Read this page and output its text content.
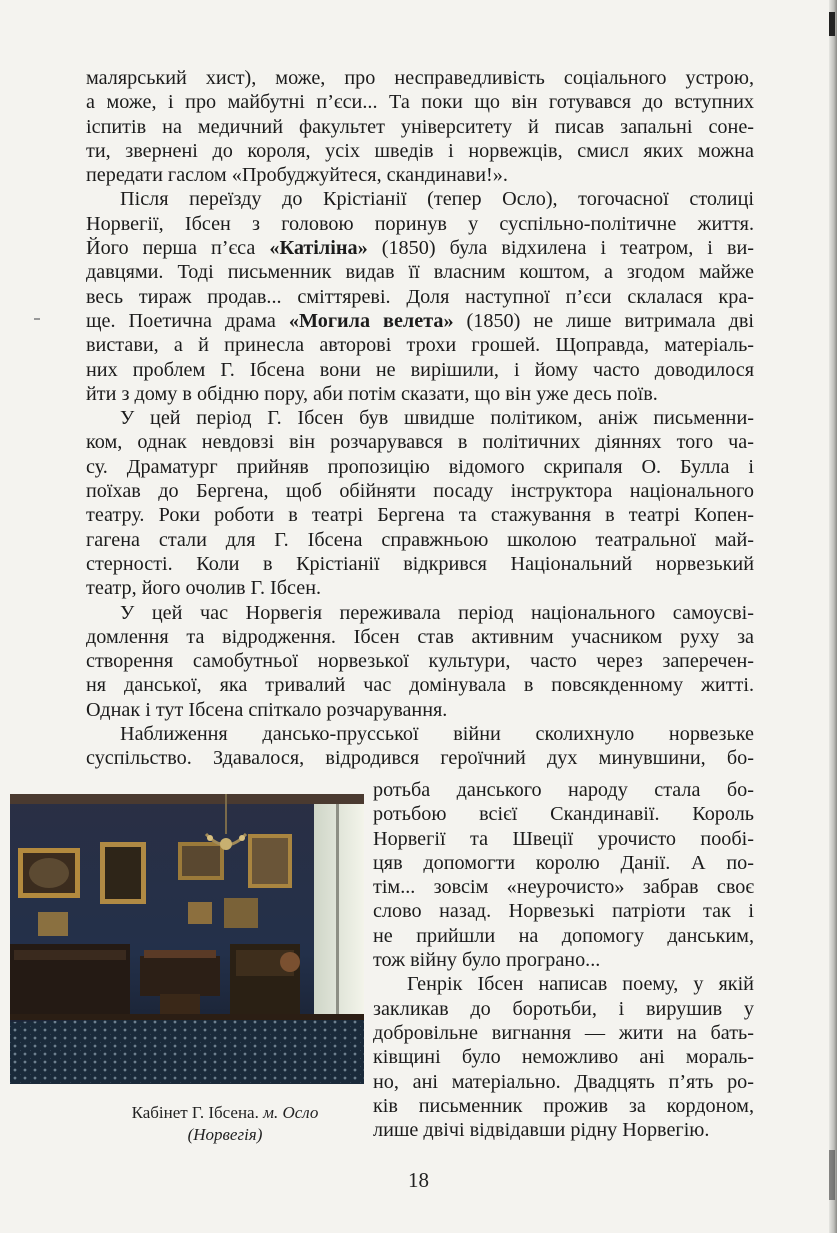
малярський хист), може, про несправедливість соціального устрою,
а може, і про майбутні п’єси... Та поки що він готувався до вступних
іспитів на медичний факультет університету й писав запальні соне-
ти, звернені до короля, усіх шведів і норвежців, смисл яких можна
передати гаслом «Пробуджуйтеся, скандинави!».
Після переїзду до Крістіанії (тепер Осло), тогочасної столиці
Норвегії, Ібсен з головою поринув у суспільно-політичне життя.
Його перша п’єса «Катіліна» (1850) була відхилена і театром, і ви-
давцями. Тоді письменник видав її власним коштом, а згодом майже
весь тираж продав... сміттяреві. Доля наступної п’єси склалася кра-
ще. Поетична драма «Могила велета» (1850) не лише витримала дві
вистави, а й принесла авторові трохи грошей. Щоправда, матеріаль-
них проблем Г. Ібсена вони не вирішили, і йому часто доводилося
йти з дому в обідню пору, аби потім сказати, що він уже десь поїв.
У цей період Г. Ібсен був швидше політиком, аніж письменни-
ком, однак невдовзі він розчарувався в політичних діяннях того ча-
су. Драматург прийняв пропозицію відомого скрипаля О. Булла і
поїхав до Бергена, щоб обійняти посаду інструктора національного
театру. Роки роботи в театрі Бергена та стажування в театрі Копен-
гагена стали для Г. Ібсена справжньою школою театральної май-
стерності. Коли в Крістіанії відкрився Національний норвезький
театр, його очолив Г. Ібсен.
У цей час Норвегія переживала період національного самоусві-
домлення та відродження. Ібсен став активним учасником руху за
створення самобутньої норвезької культури, часто через заперечен-
ня данської, яка тривалий час домінувала в повсякденному житті.
Однак і тут Ібсена спіткало розчарування.
Наближення дансько-прусської війни сколихнуло норвезьке
суспільство. Здавалося, відродився героїчний дух минувшини, бо-
ротьба данського народу стала бо-
ротьбою всієї Скандинавії. Король
Норвегії та Швеції урочисто пообі-
цяв допомогти королю Данії. А по-
тім... зовсім «неурочисто» забрав своє
слово назад. Норвезькі патріоти так і
не прийшли на допомогу данським,
тож війну було програно...
Генрік Ібсен написав поему, у якій
закликав до боротьби, і вирушив у
добровільне вигнання — жити на бать-
ківщині було неможливо ані мораль-
но, ані матеріально. Двадцять п’ять ро-
ків письменник прожив за кордоном,
лише двічі відвідавши рідну Норвегію.
Кабінет Г. Ібсена. м. Осло (Норвегія)
18
